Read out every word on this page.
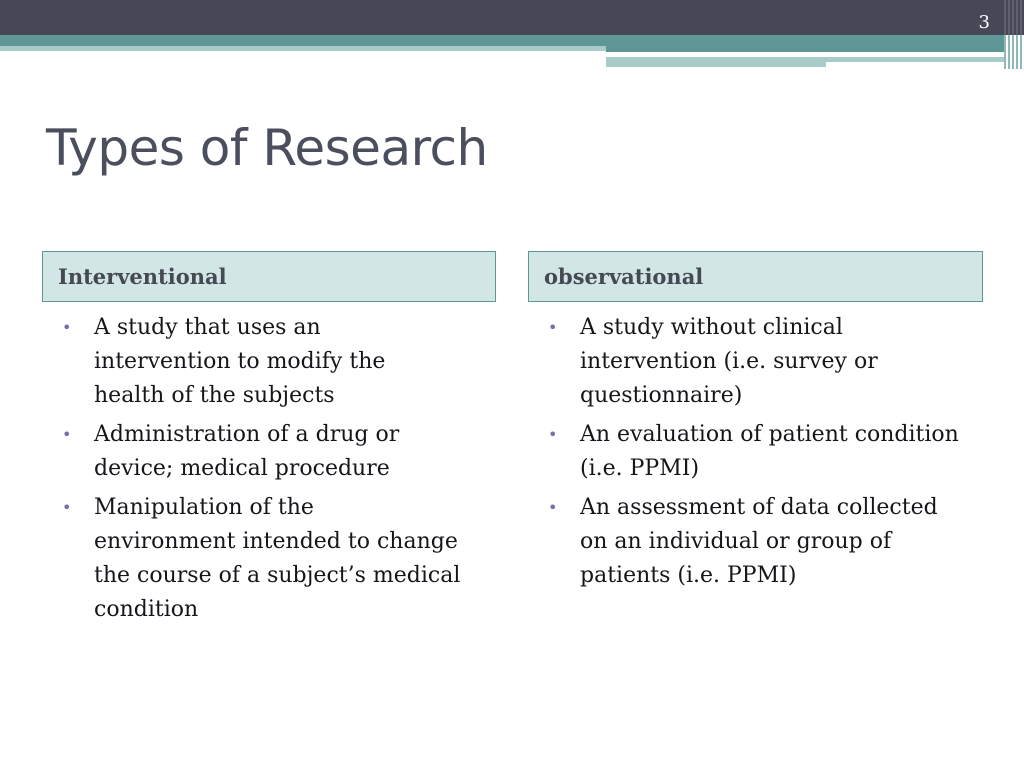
3
Types of Research
Interventional	observational
•	A study that uses an intervention to modify the health of the subjects
•	Administration of a drug or device; medical procedure
•	Manipulation of the environment intended to change the course of a subject’s medical condition
•	A study without clinical intervention (i.e. survey or questionnaire)
•	An evaluation of patient condition (i.e. PPMI)
•	An assessment of data collected on an individual or group of patients (i.e. PPMI)
